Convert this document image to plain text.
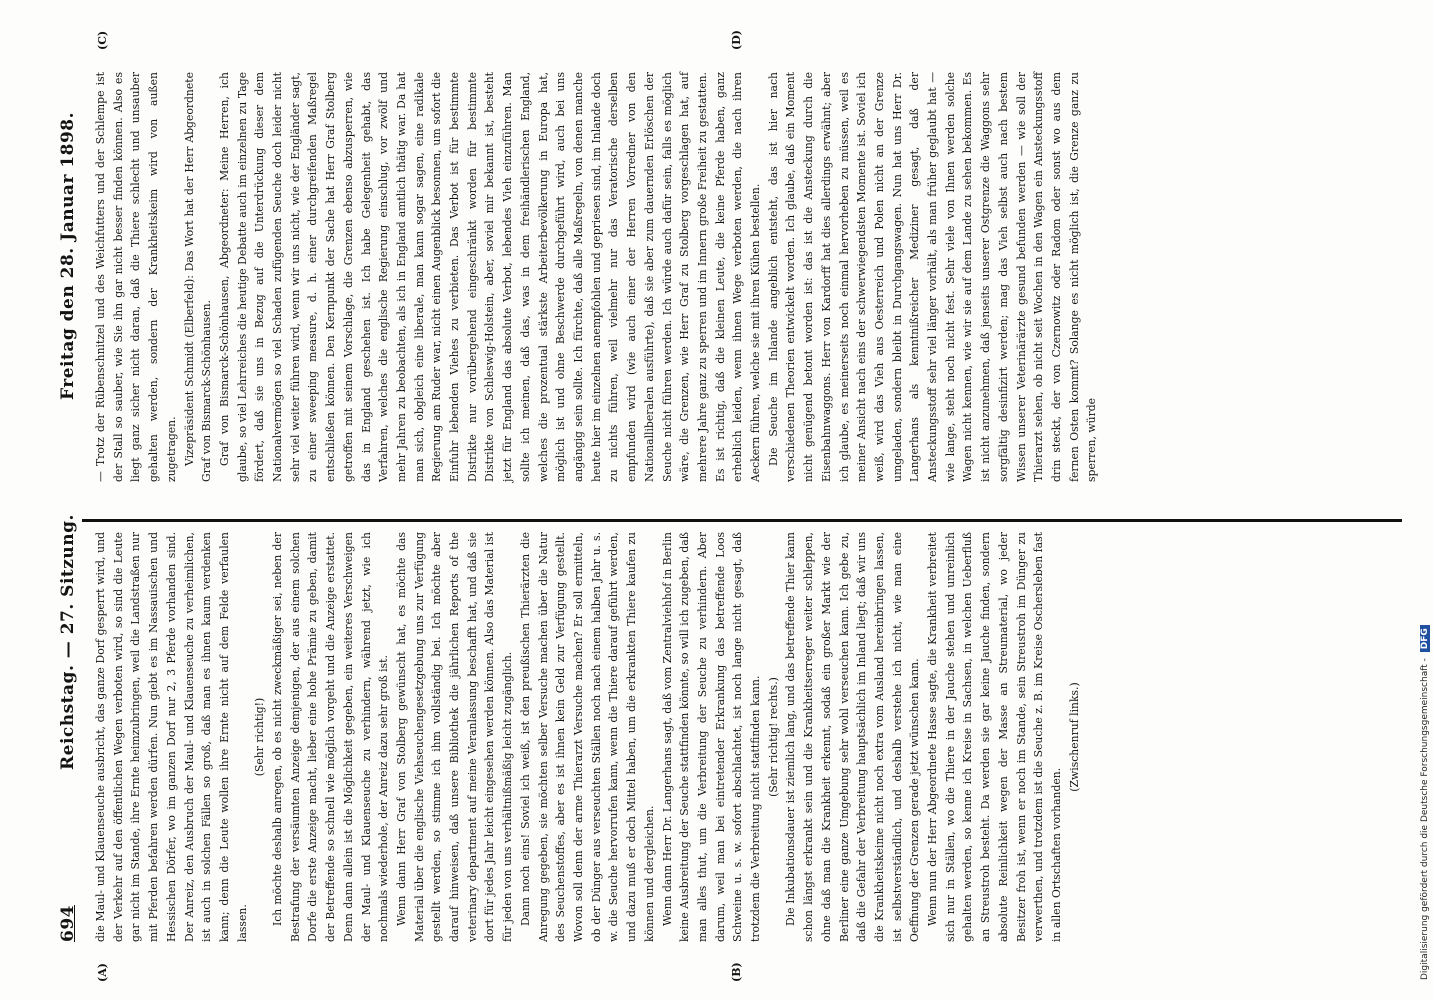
694
Reichstag. — 27. Sitzung.
Freitag den 28. Januar 1898.
(A)	(B)
(C)	(D)

die Maul- und Klauenseuche ausbricht, das ganze Dorf gesperrt wird, und der Verkehr auf den öffentlichen Wegen verboten wird, so sind die Leute gar nicht im Stande, ihre Ernte heimzubringen, weil die Landstraßen nur mit Pferden befahren werden dürfen. Nun giebt es im Nassauischen und Hessischen Dörfer, wo im ganzen Dorf nur 2, 3 Pferde vorhanden sind. Der Anreiz, den Ausbruch der Maul- und Klauenseuche zu verheimlichen, ist auch in solchen Fällen so groß, daß man es ihnen kaum verdenken kann; denn die Leute wollen ihre Ernte nicht auf dem Felde verfaulen lassen.

(Sehr richtig!) Ich möchte deshalb anregen, ob es nicht zweckmäßiger sei, neben der Bestrafung der versäumten Anzeige demjenigen, der aus einem solchen Dorfe die erste Anzeige macht, lieber eine hohe Prämie zu geben, damit der Betreffende so schnell wie möglich vorgeht und die Anzeige erstattet. Denn dann allein ist die Möglichkeit gegeben, ein weiteres Verschweigen der Maul- und Klauenseuche zu verhindern, während jetzt, wie ich nochmals wiederhole, der Anreiz dazu sehr groß ist. Wenn dann Herr Graf von Stolberg gewünscht hat, es möchte das Material über die englische Viehseuchengesetzgebung uns zur Verfügung gestellt werden, so stimme ich ihm vollständig bei. Ich möchte aber darauf hinweisen, daß unsere Bibliothek die jährlichen Reports of the veterinary department auf meine Veranlassung beschafft hat, und daß sie dort für jedes Jahr leicht eingesehen werden können. Also das Material ist für jeden von uns verhältnißmäßig leicht zugänglich. Dann noch eins! Soviel ich weiß, ist den preußischen Thierärzten die Anregung gegeben, sie möchten selber Versuche machen über die Natur des Seuchenstoffes, aber es ist ihnen kein Geld zur Verfügung gestellt. Wovon soll denn der arme Thierarzt Versuche machen? Er soll ermitteln, ob der Dünger aus verseuchten Ställen noch nach einem halben Jahr u. s. w. die Seuche hervorrufen kann, wenn die Thiere darauf geführt werden, und dazu muß er doch Mittel haben, um die erkrankten Thiere kaufen zu können und dergleichen. Wenn dann Herr Dr. Langerhans sagt, daß vom Zentralviehhof in Berlin keine Ausbreitung der Seuche stattfinden könnte, so will ich zugeben, daß man alles thut, um die Verbreitung der Seuche zu verhindern. Aber darum, weil man bei eintretender Erkrankung das betreffende Loos Schweine u. s. w. sofort abschlachtet, ist noch lange nicht gesagt, daß trotzdem die Verbreitung nicht stattfinden kann. (Sehr richtig! rechts.) Die Inkubationsdauer ist ziemlich lang, und das betreffende Thier kann schon längst erkrankt sein und die Krankheitserreger weiter schleppen, ohne daß man die Krankheit erkennt, sodaß ein großer Markt wie der Berliner eine ganze Umgebung sehr wohl verseuchen kann. Ich gebe zu, daß die Gefahr der Verbreitung hauptsächlich im Inland liegt; daß wir uns die Krankheitskeime nicht noch extra vom Ausland hereinbringen lassen, ist selbstverständlich, und deshalb verstehe ich nicht, wie man eine Oeffnung der Grenzen gerade jetzt wünschen kann. Wenn nun der Herr Abgeordnete Hasse sagte, die Krankheit verbreitet sich nur in Ställen, wo die Thiere in der Jauche stehen und unreinlich gehalten werden, so kenne ich Kreise in Sachsen, in welchen Ueberfluß an Streustroh besteht. Da werden sie gar keine Jauche finden, sondern absolute Reinlichkeit wegen der Masse an Streumaterial, wo jeder Besitzer froh ist, wenn er noch im Stande, sein Streustroh im Dünger zu verwerthen, und trotzdem ist die Seuche z. B. im Kreise Oschersleben fast in allen Ortschaften vorhanden.

(Zwischenruf links.)

— Trotz der Rübenschnitzel und des Weichfutters und der Schlempe ist der Stall so sauber, wie Sie ihn gar nicht besser finden können. Also es liegt ganz sicher nicht daran, daß die Thiere schlecht und unsauber gehalten werden, sondern der Krankheitskeim wird von außen zugetragen. Vizepräsident Schmidt (Elberfeld): Das Wort hat der Herr Abgeordnete Graf von Bismarck-Schönhausen. Graf von Bismarck-Schönhausen, Abgeordneter: Meine Herren, ich glaube, so viel Lehrreiches die heutige Debatte auch im einzelnen zu Tage fördert, daß sie uns in Bezug auf die Unterdrückung dieser dem Nationalvermögen so viel Schaden zufügenden Seuche doch leider nicht sehr viel weiter führen wird, wenn wir uns nicht, wie der Engländer sagt, zu einer sweeping measure, d. h. einer durchgreifenden Maßregel entschließen können. Den Kernpunkt der Sache hat Herr Graf Stolberg getroffen mit seinem Vorschlage, die Grenzen ebenso abzusperren, wie das in England geschehen ist. Ich habe Gelegenheit gehabt, das Verfahren, welches die englische Regierung einschlug, vor zwölf und mehr Jahren zu beobachten, als ich in England amtlich thätig war. Da hat man sich, obgleich eine liberale, man kann sogar sagen, eine radikale Regierung am Ruder war, nicht einen Augenblick besonnen, um sofort die Einfuhr lebenden Viehes zu verbieten. Das Verbot ist für bestimmte Distrikte nur vorübergehend eingeschränkt worden für bestimmte Distrikte von Schleswig-Holstein, aber, soviel mir bekannt ist, besteht jetzt für England das absolute Verbot, lebendes Vieh einzuführen. Man sollte ich meinen, daß das, was in dem freihändlerischen England, welches die prozentual stärkste Arbeiterbevölkerung in Europa hat, möglich ist und ohne Beschwerde durchgeführt wird, auch bei uns angängig sein sollte. Ich fürchte, daß alle Maßregeln, von denen manche heute hier im einzelnen anempfohlen und gepriesen sind, im Inlande doch zu nichts führen, weil vielmehr nur das Veratorische derselben empfunden wird (wie auch einer der Herren Vorredner von den Nationalliberalen ausführte), daß sie aber zum dauernden Erlöschen der Seuche nicht führen werden. Ich würde auch dafür sein, falls es möglich wäre, die Grenzen, wie Herr Graf zu Stolberg vorgeschlagen hat, auf mehrere Jahre ganz zu sperren und im Innern große Freiheit zu gestatten. Es ist richtig, daß die kleinen Leute, die keine Pferde haben, ganz erheblich leiden, wenn ihnen Wege verboten werden, die nach ihren Aeckern führen, welche sie mit ihren Kühen bestellen. Die Seuche im Inlande angeblich entsteht, das ist hier nach verschiedenen Theorien entwickelt worden. Ich glaube, daß ein Moment nicht genügend betont worden ist: das ist die Ansteckung durch die Eisenbahnwaggons. Herr von Kardorff hat dies allerdings erwähnt; aber ich glaube, es meinerseits noch einmal hervorheben zu müssen, weil es meiner Ansicht nach eins der schwerwiegendsten Momente ist. Soviel ich weiß, wird das Vieh aus Oesterreich und Polen nicht an der Grenze umgeladen, sondern bleibt in Durchgangswagen. Nun hat uns Herr Dr. Langerhans als kenntnißreicher Mediziner gesagt, daß der Ansteckungsstoff sehr viel länger vorhält, als man früher geglaubt hat — wie lange, steht noch nicht fest. Sehr viele von Ihnen werden solche Wagen nicht kennen, wie wir sie auf dem Lande zu sehen bekommen. Es ist nicht anzunehmen, daß jenseits unserer Ostgrenze die Waggons sehr sorgfältig desinfizirt werden; mag das Vieh selbst auch nach bestem Wissen unserer Veterinärärzte gesund befunden werden — wie soll der Thierarzt sehen, ob nicht seit Wochen in den Wagen ein Ansteckungsstoff drin steckt, der von Czernowitz oder Radom oder sonst wo aus dem fernen Osten kommt? Solange es nicht möglich ist, die Grenze ganz zu sperren, würde

Digitalisierung gefördert durch die Deutsche Forschungsgemeinschaft - DFG
